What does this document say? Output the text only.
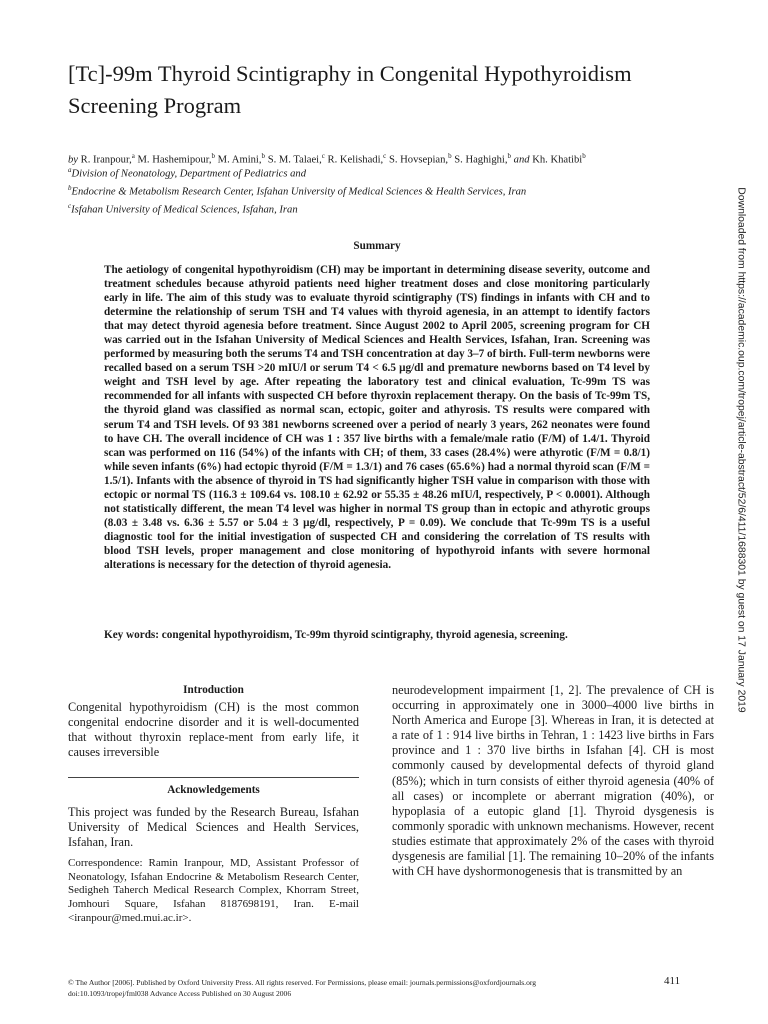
[Tc]-99m Thyroid Scintigraphy in Congenital Hypothyroidism Screening Program
by R. Iranpour,$^a$ M. Hashemipour,$^b$ M. Amini,$^b$ S. M. Talaei,$^c$ R. Kelishadi,$^c$ S. Hovsepian,$^b$ S. Haghighi,$^b$ and Kh. Khatibi$^b$
$^a$Division of Neonatology, Department of Pediatrics and
$^b$Endocrine & Metabolism Research Center, Isfahan University of Medical Sciences & Health Services, Iran
$^c$Isfahan University of Medical Sciences, Isfahan, Iran
Summary
The aetiology of congenital hypothyroidism (CH) may be important in determining disease severity, outcome and treatment schedules because athyroid patients need higher treatment doses and close monitoring particularly early in life. The aim of this study was to evaluate thyroid scintigraphy (TS) findings in infants with CH and to determine the relationship of serum TSH and T4 values with thyroid agenesia, in an attempt to identify factors that may detect thyroid agenesia before treatment. Since August 2002 to April 2005, screening program for CH was carried out in the Isfahan University of Medical Sciences and Health Services, Isfahan, Iran. Screening was performed by measuring both the serums T4 and TSH concentration at day 3–7 of birth. Full-term newborns were recalled based on a serum TSH >20 mIU/l or serum T4 < 6.5 μg/dl and premature newborns based on T4 level by weight and TSH level by age. After repeating the laboratory test and clinical evaluation, Tc-99m TS was recommended for all infants with suspected CH before thyroxin replacement therapy. On the basis of Tc-99m TS, the thyroid gland was classified as normal scan, ectopic, goiter and athyrosis. TS results were compared with serum T4 and TSH levels. Of 93 381 newborns screened over a period of nearly 3 years, 262 neonates were found to have CH. The overall incidence of CH was 1 : 357 live births with a female/male ratio (F/M) of 1.4/1. Thyroid scan was performed on 116 (54%) of the infants with CH; of them, 33 cases (28.4%) were athyrotic (F/M = 0.8/1) while seven infants (6%) had ectopic thyroid (F/M = 1.3/1) and 76 cases (65.6%) had a normal thyroid scan (F/M = 1.5/1). Infants with the absence of thyroid in TS had significantly higher TSH value in comparison with those with ectopic or normal TS (116.3 ± 109.64 vs. 108.10 ± 62.92 or 55.35 ± 48.26 mIU/l, respectively, P < 0.0001). Although not statistically different, the mean T4 level was higher in normal TS group than in ectopic and athyrotic groups (8.03 ± 3.48 vs. 6.36 ± 5.57 or 5.04 ± 3 μg/dl, respectively, P = 0.09). We conclude that Tc-99m TS is a useful diagnostic tool for the initial investigation of suspected CH and considering the correlation of TS results with blood TSH levels, proper management and close monitoring of hypothyroid infants with severe hormonal alterations is necessary for the detection of thyroid agenesia.
Key words: congenital hypothyroidism, Tc-99m thyroid scintigraphy, thyroid agenesia, screening.
Introduction

Congenital hypothyroidism (CH) is the most common congenital endocrine disorder and it is well-documented that without thyroxin replace-ment from early life, it causes irreversible

Acknowledgements

This project was funded by the Research Bureau, Isfahan University of Medical Sciences and Health Services, Isfahan, Iran.

Correspondence: Ramin Iranpour, MD, Assistant Professor of Neonatology, Isfahan Endocrine & Metabolism Research Center, Sedigheh Taherch Medical Research Complex, Khorram Street, Jomhouri Square, Isfahan 8187698191, Iran. E-mail <iranpour@med.mui.ac.ir>.

neurodevelopment impairment [1, 2]. The prevalence of CH is occurring in approximately one in 3000–4000 live births in North America and Europe [3]. Whereas in Iran, it is detected at a rate of 1 : 914 live births in Tehran, 1 : 1423 live births in Fars province and 1 : 370 live births in Isfahan [4]. CH is most commonly caused by developmental defects of thyroid gland (85%); which in turn consists of either thyroid agenesia (40% of all cases) or incomplete or aberrant migration (40%), or hypoplasia of a eutopic gland [1]. Thyroid dysgenesis is commonly sporadic with unknown mechanisms. However, recent studies estimate that approximately 2% of the cases with thyroid dysgenesis are familial [1]. The remaining 10–20% of the infants with CH have dyshormonogenesis that is transmitted by an
© The Author [2006]. Published by Oxford University Press. All rights reserved. For Permissions, please email: journals.permissions@oxfordjournals.org
doi:10.1093/tropej/fml038 Advance Access Published on 30 August 2006
411
Downloaded from https://academic.oup.com/tropej/article-abstract/52/6/411/1688301 by guest on 17 January 2019
